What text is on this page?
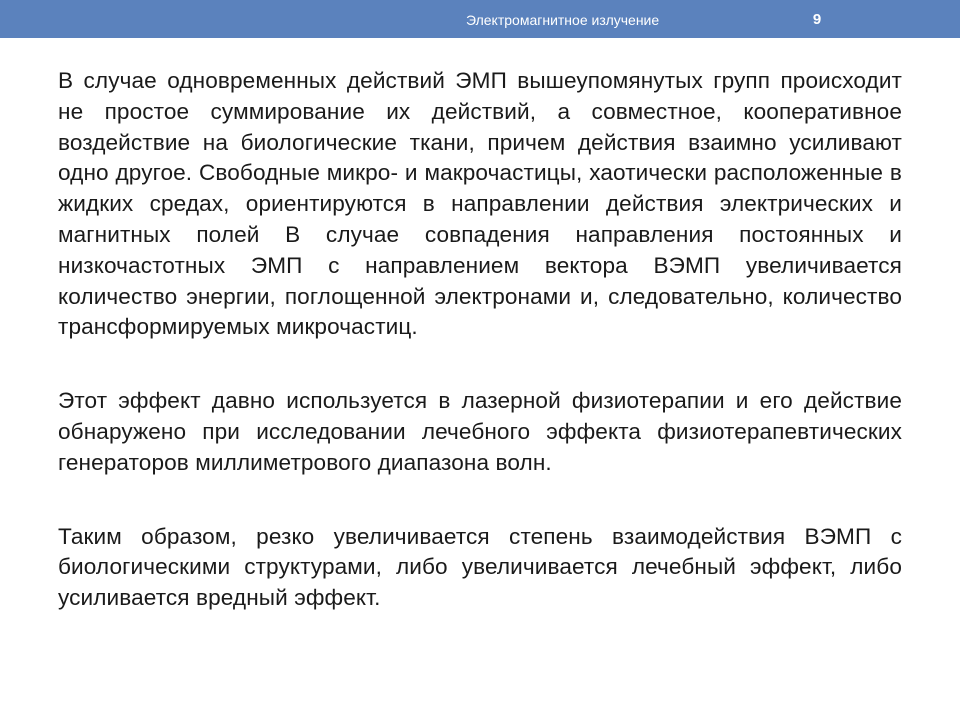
Электромагнитное излучение	9

В случае одновременных действий ЭМП вышеупомянутых групп происходит не простое суммирование их действий, а совместное, кооперативное воздействие на биологические ткани, причем действия взаимно усиливают одно другое. Свободные микро- и макрочастицы, хаотически расположенные в жидких средах, ориентируются в направлении действия электрических и магнитных полей В случае совпадения направления постоянных и низкочастотных ЭМП с направлением вектора ВЭМП увеличивается количество энергии, поглощенной электронами и, следовательно, количество трансформируемых микрочастиц.

Этот эффект давно используется в лазерной физиотерапии и его действие обнаружено при исследовании лечебного эффекта физиотерапевтических генераторов миллиметрового диапазона волн.

Таким образом, резко увеличивается степень взаимодействия ВЭМП с биологическими структурами, либо увеличивается лечебный эффект, либо усиливается вредный эффект.
